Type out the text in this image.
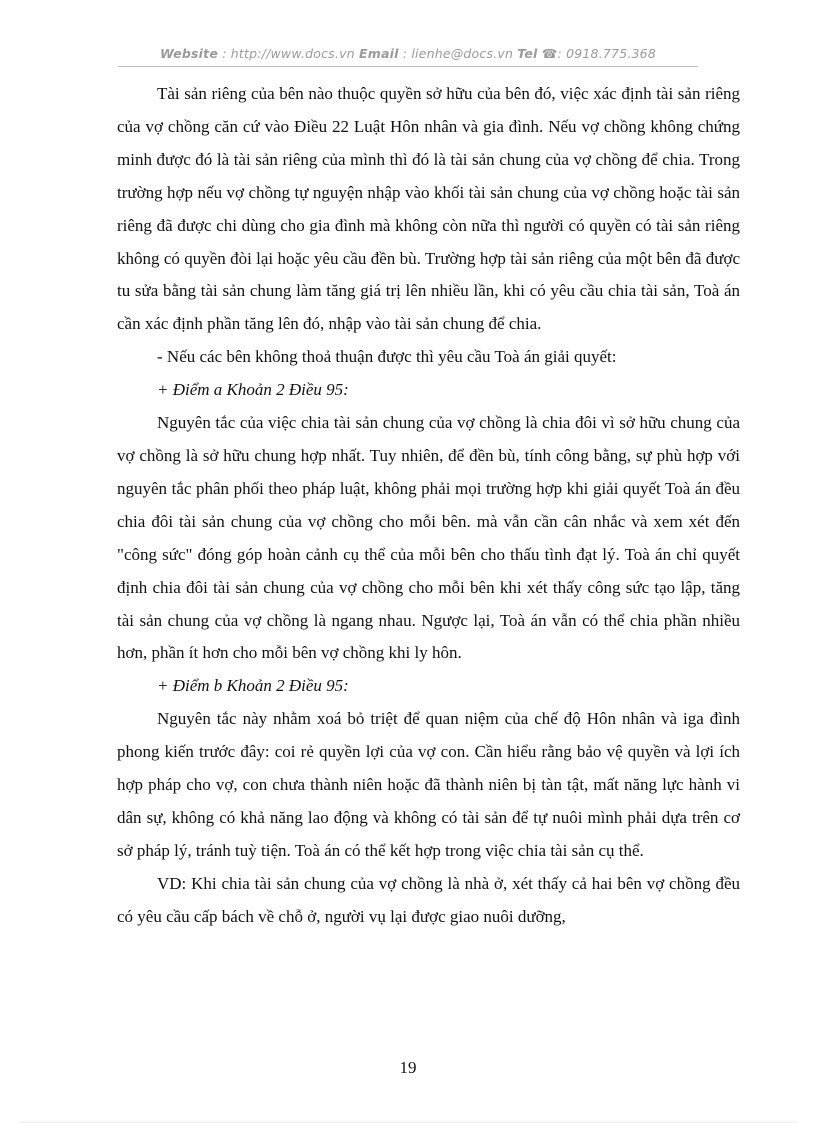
Website : http://www.docs.vn Email : lienhe@docs.vn Tel ☎: 0918.775.368

Tài sản riêng của bên nào thuộc quyền sở hữu của bên đó, việc xác định tài sản riêng của vợ chồng căn cứ vào Điều 22 Luật Hôn nhân và gia đình. Nếu vợ chồng không chứng minh được đó là tài sản riêng của mình thì đó là tài sản chung của vợ chồng để chia. Trong trường hợp nếu vợ chồng tự nguyện nhập vào khối tài sản chung của vợ chồng hoặc tài sản riêng đã được chi dùng cho gia đình mà không còn nữa thì người có quyền có tài sản riêng không có quyền đòi lại hoặc yêu cầu đền bù. Trường hợp tài sản riêng của một bên đã được tu sửa bằng tài sản chung làm tăng giá trị lên nhiều lần, khi có yêu cầu chia tài sản, Toà án cần xác định phần tăng lên đó, nhập vào tài sản chung để chia.

- Nếu các bên không thoả thuận được thì yêu cầu Toà án giải quyết:

+ Điểm a Khoản 2 Điều 95:

Nguyên tắc của việc chia tài sản chung của vợ chồng là chia đôi vì sở hữu chung của vợ chồng là sở hữu chung hợp nhất. Tuy nhiên, để đền bù, tính công bằng, sự phù hợp với nguyên tắc phân phối theo pháp luật, không phải mọi trường hợp khi giải quyết Toà án đều chia đôi tài sản chung của vợ chồng cho mỗi bên. mà vẫn cần cân nhắc và xem xét đến "công sức" đóng góp hoàn cảnh cụ thể của mỗi bên cho thấu tình đạt lý. Toà án chỉ quyết định chia đôi tài sản chung của vợ chồng cho mỗi bên khi xét thấy công sức tạo lập, tăng tài sản chung của vợ chồng là ngang nhau. Ngược lại, Toà án vẫn có thể chia phần nhiều hơn, phần ít hơn cho mỗi bên vợ chồng khi ly hôn.

+ Điểm b Khoản 2 Điều 95:

Nguyên tắc này nhằm xoá bỏ triệt để quan niệm của chế độ Hôn nhân và iga đình phong kiến trước đây: coi rẻ quyền lợi của vợ con. Cần hiểu rằng bảo vệ quyền và lợi ích hợp pháp cho vợ, con chưa thành niên hoặc đã thành niên bị tàn tật, mất năng lực hành vi dân sự, không có khả năng lao động và không có tài sản để tự nuôi mình phải dựa trên cơ sở pháp lý, tránh tuỳ tiện. Toà án có thể kết hợp trong việc chia tài sản cụ thể.

VD: Khi chia tài sản chung của vợ chồng là nhà ở, xét thấy cả hai bên vợ chồng đều có yêu cầu cấp bách về chỗ ở, người vụ lại được giao nuôi dưỡng,

19
